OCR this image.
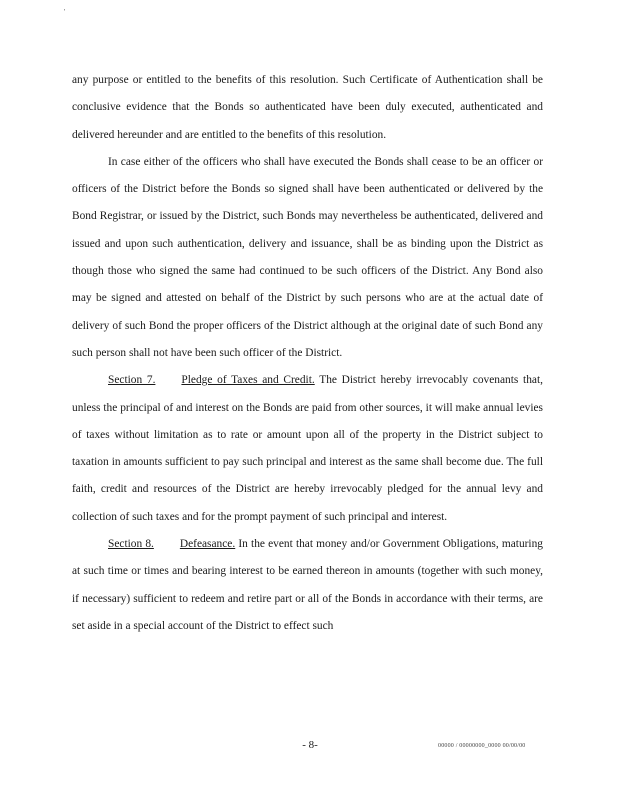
'

any purpose or entitled to the benefits of this resolution. Such Certificate of Authentication shall be conclusive evidence that the Bonds so authenticated have been duly executed, authenticated and delivered hereunder and are entitled to the benefits of this resolution.

In case either of the officers who shall have executed the Bonds shall cease to be an officer or officers of the District before the Bonds so signed shall have been authenticated or delivered by the Bond Registrar, or issued by the District, such Bonds may nevertheless be authenticated, delivered and issued and upon such authentication, delivery and issuance, shall be as binding upon the District as though those who signed the same had continued to be such officers of the District. Any Bond also may be signed and attested on behalf of the District by such persons who are at the actual date of delivery of such Bond the proper officers of the District although at the original date of such Bond any such person shall not have been such officer of the District.

Section 7. Pledge of Taxes and Credit. The District hereby irrevocably covenants that, unless the principal of and interest on the Bonds are paid from other sources, it will make annual levies of taxes without limitation as to rate or amount upon all of the property in the District subject to taxation in amounts sufficient to pay such principal and interest as the same shall become due. The full faith, credit and resources of the District are hereby irrevocably pledged for the annual levy and collection of such taxes and for the prompt payment of such principal and interest.

Section 8. Defeasance. In the event that money and/or Government Obligations, maturing at such time or times and bearing interest to be earned thereon in amounts (together with such money, if necessary) sufficient to redeem and retire part or all of the Bonds in accordance with their terms, are set aside in a special account of the District to effect such

- 8-	00000 / 00000000_0000 00/00/00
